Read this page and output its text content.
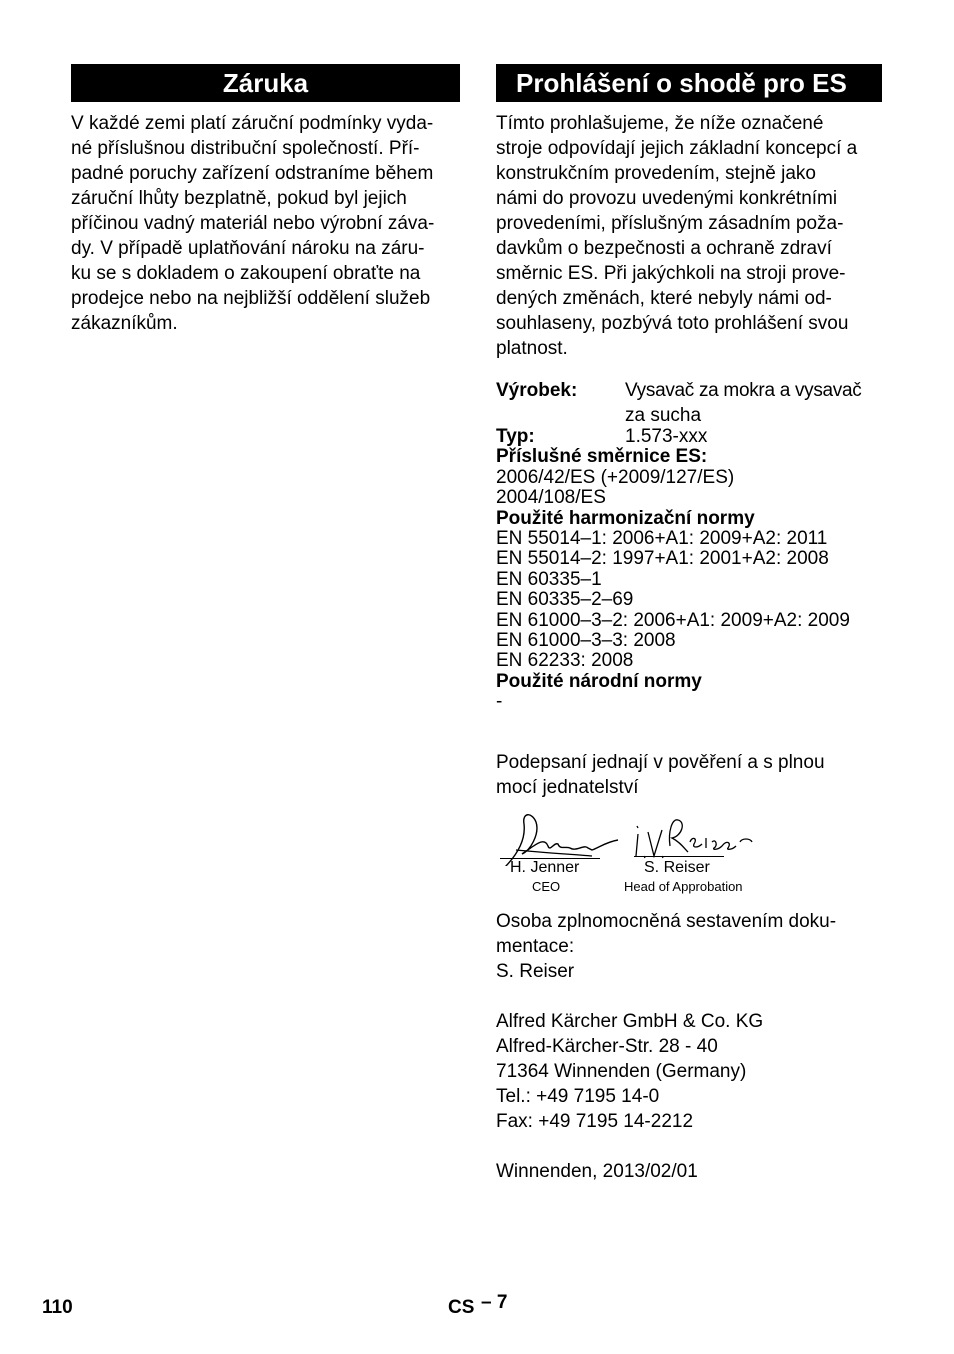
Záruka
V každé zemi platí záruční podmínky vyda-
né příslušnou distribuční společností. Pří-
padné poruchy zařízení odstraníme během
záruční lhůty bezplatně, pokud byl jejich
příčinou vadný materiál nebo výrobní záva-
dy. V případě uplatňování nároku na záru-
ku se s dokladem o zakoupení obraťte na
prodejce nebo na nejbližší oddělení služeb
zákazníkům.
Prohlášení o shodě pro ES
Tímto prohlašujeme, že níže označené
stroje odpovídají jejich základní koncepcí a
konstrukčním provedením, stejně jako
námi do provozu uvedenými konkrétními
provedeními, příslušným zásadním poža-
davkům o bezpečnosti a ochraně zdraví
směrnic ES. Při jakýchkoli na stroji prove-
dených změnách, které nebyly námi od-
souhlaseny, pozbývá toto prohlášení svou
platnost.
Výrobek:	Vysavač za mokra a vysavač
za sucha
Typ:	1.573-xxx
Příslušné směrnice ES:
2006/42/ES (+2009/127/ES)
2004/108/ES
Použité harmonizační normy
EN 55014–1: 2006+A1: 2009+A2: 2011
EN 55014–2: 1997+A1: 2001+A2: 2008
EN 60335–1
EN 60335–2–69
EN 61000–3–2: 2006+A1: 2009+A2: 2009
EN 61000–3–3: 2008
EN 62233: 2008
Použité národní normy
-
Podepsaní jednají v pověření a s plnou
mocí jednatelství
H. Jenner	S. Reiser
CEO	Head of Approbation
Osoba zplnomocněná sestavením doku-
mentace:
S. Reiser
Alfred Kärcher GmbH & Co. KG
Alfred-Kärcher-Str. 28 - 40
71364 Winnenden (Germany)
Tel.: +49 7195 14-0
Fax: +49 7195 14-2212
Winnenden, 2013/02/01
110	CS – 7
